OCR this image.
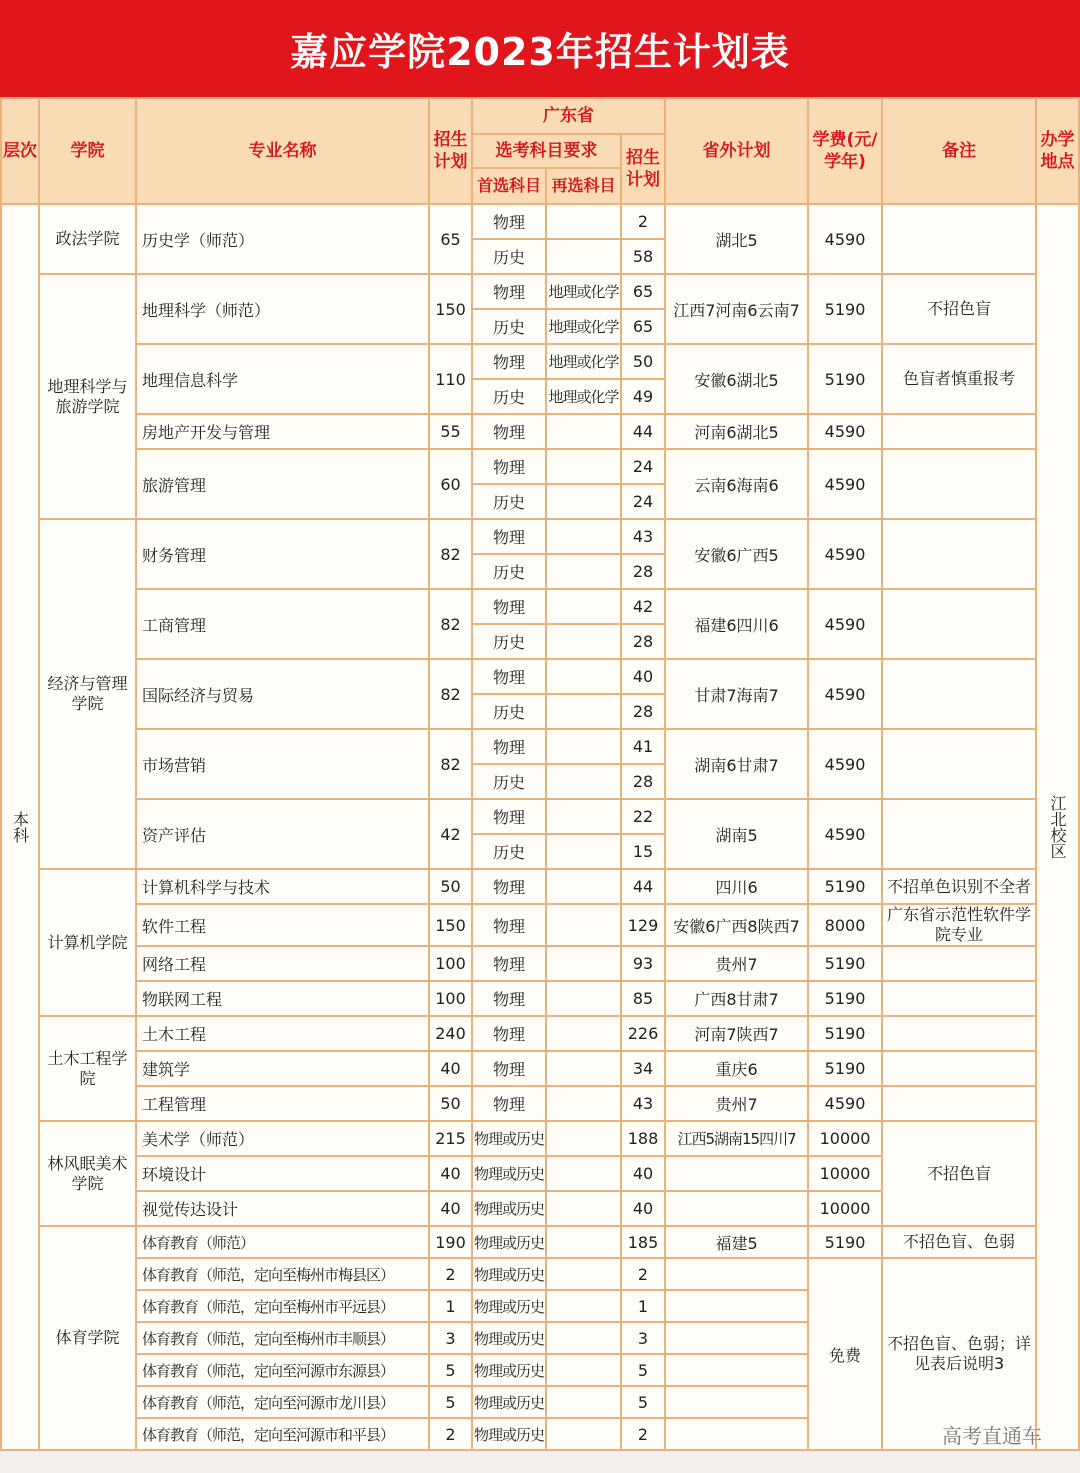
嘉应学院2023年招生计划表
层次	学院	专业名称	招生计划	广东省			省外计划	学费(元/学年)	备注	办学地点
				选考科目要求		招生计划				
				首选科目	再选科目					
本科	政法学院	历史学（师范）	65	物理		2	湖北5	4590		江北校区
				历史		58				
	地理科学与旅游学院	地理科学（师范）	150	物理	地理或化学	65	江西7河南6云南7	5190	不招色盲	
				历史	地理或化学	65				
		地理信息科学	110	物理	地理或化学	50	安徽6湖北5	5190	色盲者慎重报考	
				历史	地理或化学	49				
		房地产开发与管理	55	物理		44	河南6湖北5	4590		
		旅游管理	60	物理		24	云南6海南6	4590		
				历史		24				
	经济与管理学院	财务管理	82	物理		43	安徽6广西5	4590		
				历史		28				
		工商管理	82	物理		42	福建6四川6	4590		
				历史		28				
		国际经济与贸易	82	物理		40	甘肃7海南7	4590		
				历史		28				
		市场营销	82	物理		41	湖南6甘肃7	4590		
				历史		28				
		资产评估	42	物理		22	湖南5	4590		
				历史		15				
	计算机学院	计算机科学与技术	50	物理		44	四川6	5190	不招单色识别不全者	
		软件工程	150	物理		129	安徽6广西8陕西7	8000	广东省示范性软件学院专业	
		网络工程	100	物理		93	贵州7	5190		
		物联网工程	100	物理		85	广西8甘肃7	5190		
	土木工程学院	土木工程	240	物理		226	河南7陕西7	5190		
		建筑学	40	物理		34	重庆6	5190		
		工程管理	50	物理		43	贵州7	4590		
	林风眠美术学院	美术学（师范）	215	物理或历史		188	江西5湖南15四川7	10000	不招色盲	
		环境设计	40	物理或历史		40		10000		
		视觉传达设计	40	物理或历史		40		10000		
	体育学院	体育教育（师范）	190	物理或历史		185	福建5	5190	不招色盲、色弱	
		体育教育（师范，定向至梅州市梅县区）	2	物理或历史		2		免费	不招色盲、色弱；详见表后说明3	
		体育教育（师范，定向至梅州市平远县）	1	物理或历史		1				
		体育教育（师范，定向至梅州市丰顺县）	3	物理或历史		3				
		体育教育（师范，定向至河源市东源县）	5	物理或历史		5				
		体育教育（师范，定向至河源市龙川县）	5	物理或历史		5				
		体育教育（师范，定向至河源市和平县）	2	物理或历史		2					高考直通车
